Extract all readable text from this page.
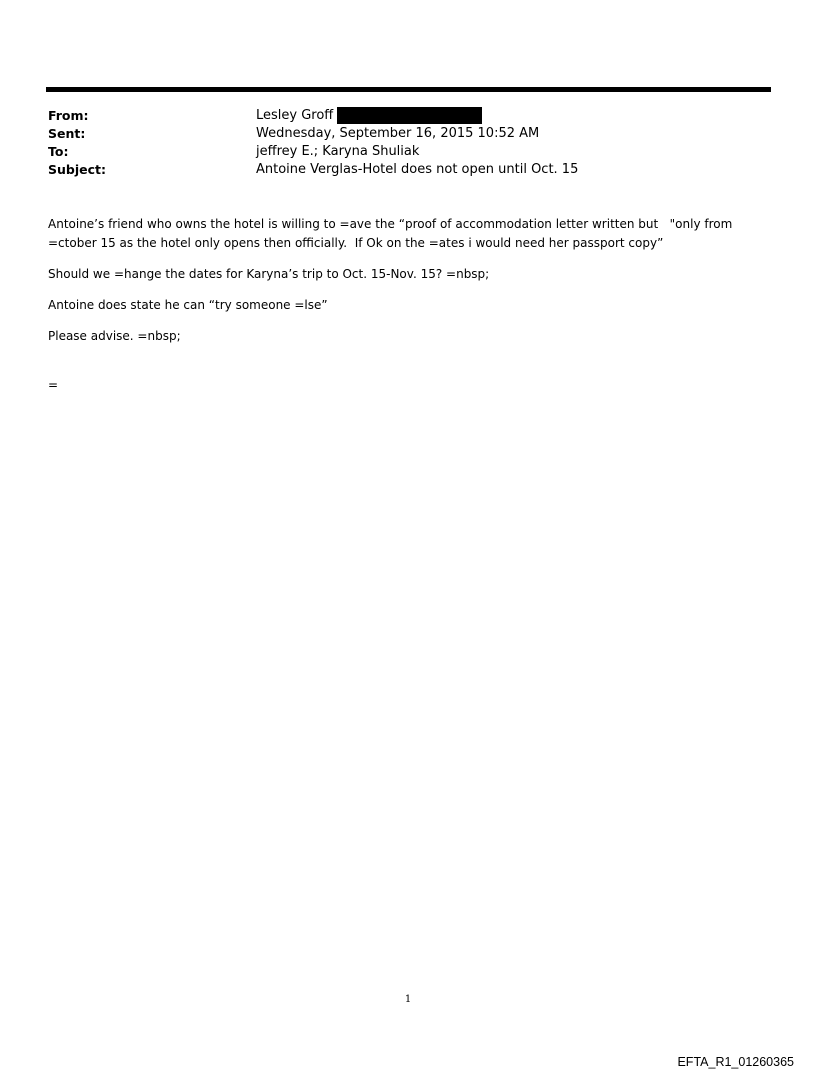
From:	Lesley Groff
Sent:	Wednesday, September 16, 2015 10:52 AM
To:	jeffrey E.; Karyna Shuliak
Subject:	Antoine Verglas-Hotel does not open until Oct. 15

Antoine’s friend who owns the hotel is willing to =ave the “proof of accommodation letter written but   "only from =ctober 15 as the hotel only opens then officially.  If Ok on the =ates i would need her passport copy”

Should we =hange the dates for Karyna’s trip to Oct. 15-Nov. 15? =nbsp;

Antoine does state he can “try someone =lse”

Please advise. =nbsp;

=

1
EFTA_R1_01260365
